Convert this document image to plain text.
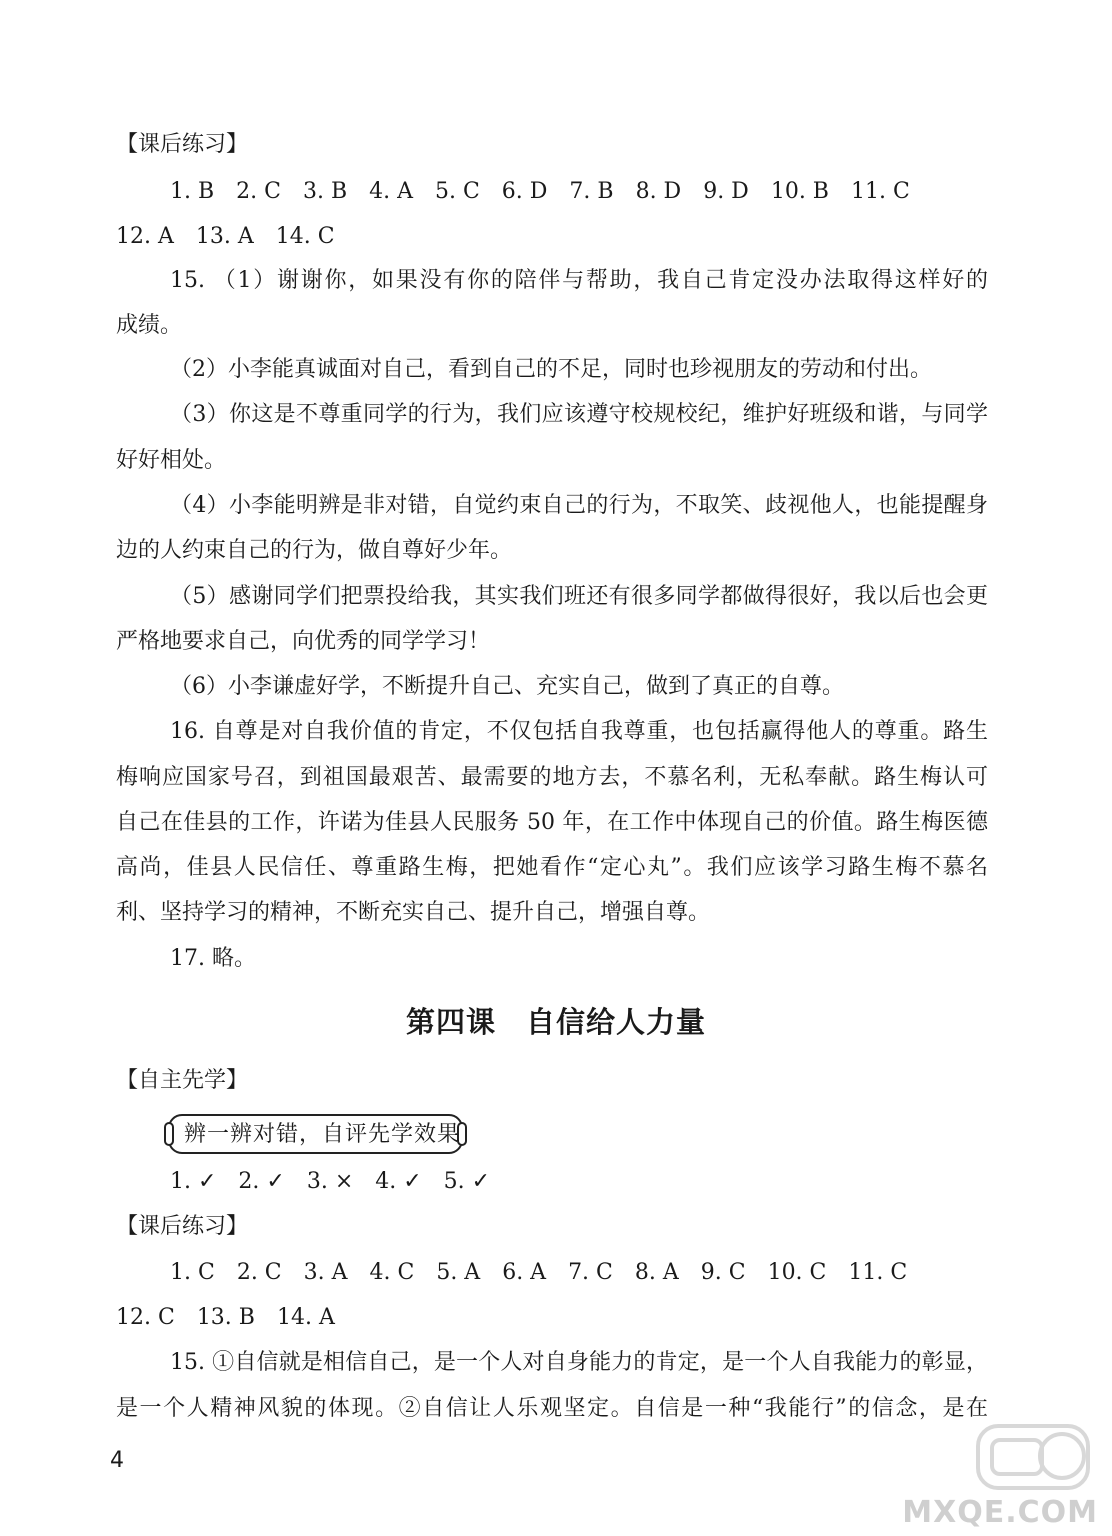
【课后练习】
1. B　2. C　3. B　4. A　5. C　6. D　7. B　8. D　9. D　10. B　11. C
12. A　13. A　14. C
15. （1）谢谢你，如果没有你的陪伴与帮助，我自己肯定没办法取得这样好的
成绩。
（2）小李能真诚面对自己，看到自己的不足，同时也珍视朋友的劳动和付出。
（3）你这是不尊重同学的行为，我们应该遵守校规校纪，维护好班级和谐，与同学
好好相处。
（4）小李能明辨是非对错，自觉约束自己的行为，不取笑、歧视他人，也能提醒身
边的人约束自己的行为，做自尊好少年。
（5）感谢同学们把票投给我，其实我们班还有很多同学都做得很好，我以后也会更
严格地要求自己，向优秀的同学学习！
（6）小李谦虚好学，不断提升自己、充实自己，做到了真正的自尊。
16. 自尊是对自我价值的肯定，不仅包括自我尊重，也包括赢得他人的尊重。路生
梅响应国家号召，到祖国最艰苦、最需要的地方去，不慕名利，无私奉献。路生梅认可
自己在佳县的工作，许诺为佳县人民服务 50 年，在工作中体现自己的价值。路生梅医德
高尚，佳县人民信任、尊重路生梅，把她看作“定心丸”。我们应该学习路生梅不慕名
利、坚持学习的精神，不断充实自己、提升自己，增强自尊。
17. 略。
第四课　自信给人力量
【自主先学】
辨一辨对错，自评先学效果
1. ✓　2. ✓　3. ×　4. ✓　5. ✓
【课后练习】
1. C　2. C　3. A　4. C　5. A　6. A　7. C　8. A　9. C　10. C　11. C
12. C　13. B　14. A
15. ①自信就是相信自己，是一个人对自身能力的肯定，是一个人自我能力的彰显，
是一个人精神风貌的体现。②自信让人乐观坚定。自信是一种“我能行”的信念，是在
4
MXQE.COM
